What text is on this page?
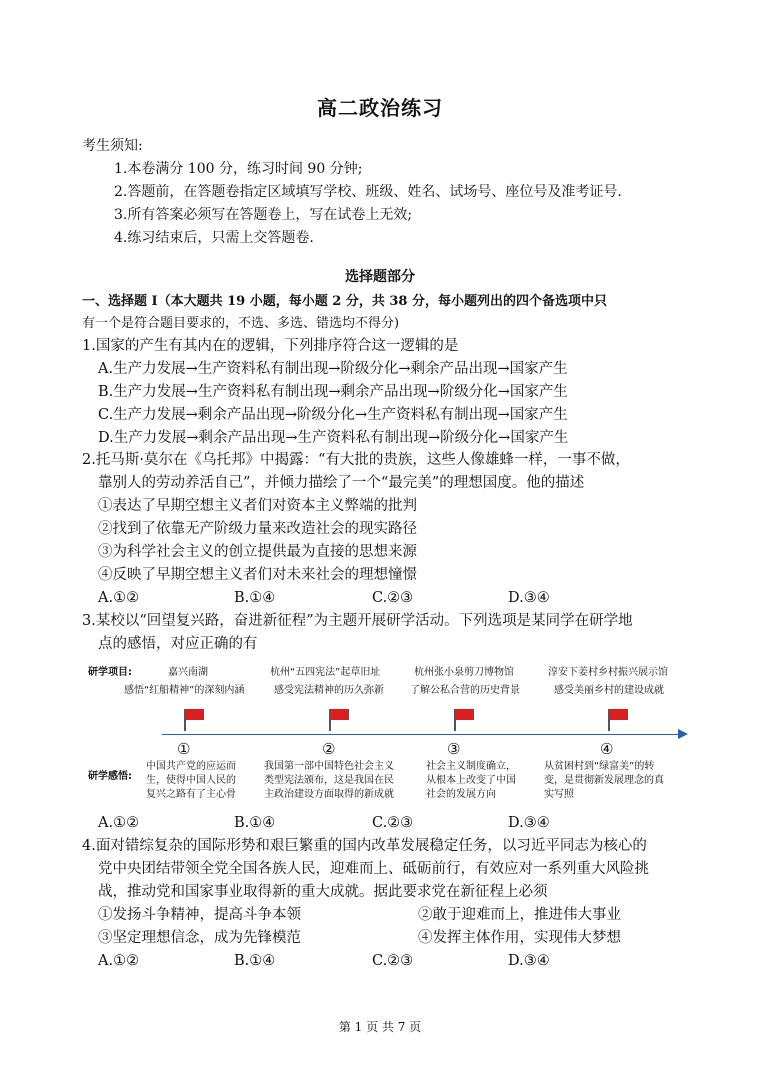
高二政治练习
考生须知:
1.本卷满分 100 分，练习时间 90 分钟;
2.答题前，在答题卷指定区域填写学校、班级、姓名、试场号、座位号及准考证号.
3.所有答案必须写在答题卷上，写在试卷上无效;
4.练习结束后，只需上交答题卷.
选择题部分
一、选择题 I（本大题共 19 小题，每小题 2 分，共 38 分，每小题列出的四个备选项中只
有一个是符合题目要求的，不选、多选、错选均不得分)
1.国家的产生有其内在的逻辑，下列排序符合这一逻辑的是
A.生产力发展→生产资料私有制出现→阶级分化→剩余产品出现→国家产生
B.生产力发展→生产资料私有制出现→剩余产品出现→阶级分化→国家产生
C.生产力发展→剩余产品出现→阶级分化→生产资料私有制出现→国家产生
D.生产力发展→剩余产品出现→生产资料私有制出现→阶级分化→国家产生
2.托马斯·莫尔在《乌托邦》中揭露：“有大批的贵族，这些人像雄蜂一样，一事不做，
靠别人的劳动养活自己”，并倾力描绘了一个“最完美”的理想国度。他的描述
①表达了早期空想主义者们对资本主义弊端的批判
②找到了依靠无产阶级力量来改造社会的现实路径
③为科学社会主义的创立提供最为直接的思想来源
④反映了早期空想主义者们对未来社会的理想憧憬
A.①②	B.①④	C.②③	D.③④
3.某校以“回望复兴路，奋进新征程”为主题开展研学活动。下列选项是某同学在研学地
点的感悟，对应正确的有
研学项目:
研学感悟:
嘉兴南湖
感悟“红船精神”的深刻内涵
①
中国共产党的应运而
生，使得中国人民的
复兴之路有了主心骨
杭州“五四宪法”起草旧址
感受宪法精神的历久弥新
②
我国第一部中国特色社会主义
类型宪法颁布，这是我国在民
主政治建设方面取得的新成就
杭州张小泉剪刀博物馆
了解公私合营的历史背景
③
社会主义制度确立，
从根本上改变了中国
社会的发展方向
淳安下姜村乡村振兴展示馆
感受美丽乡村的建设成就
④
从贫困村到“绿富美”的转
变，是贯彻新发展理念的真
实写照
A.①②	B.①④	C.②③	D.③④
4.面对错综复杂的国际形势和艰巨繁重的国内改革发展稳定任务，以习近平同志为核心的
党中央团结带领全党全国各族人民，迎难而上、砥砺前行，有效应对一系列重大风险挑
战，推动党和国家事业取得新的重大成就。据此要求党在新征程上必须
①发扬斗争精神，提高斗争本领	②敢于迎难而上，推进伟大事业
③坚定理想信念，成为先锋模范	④发挥主体作用，实现伟大梦想
A.①②	B.①④	C.②③	D.③④
第 1 页 共 7 页
